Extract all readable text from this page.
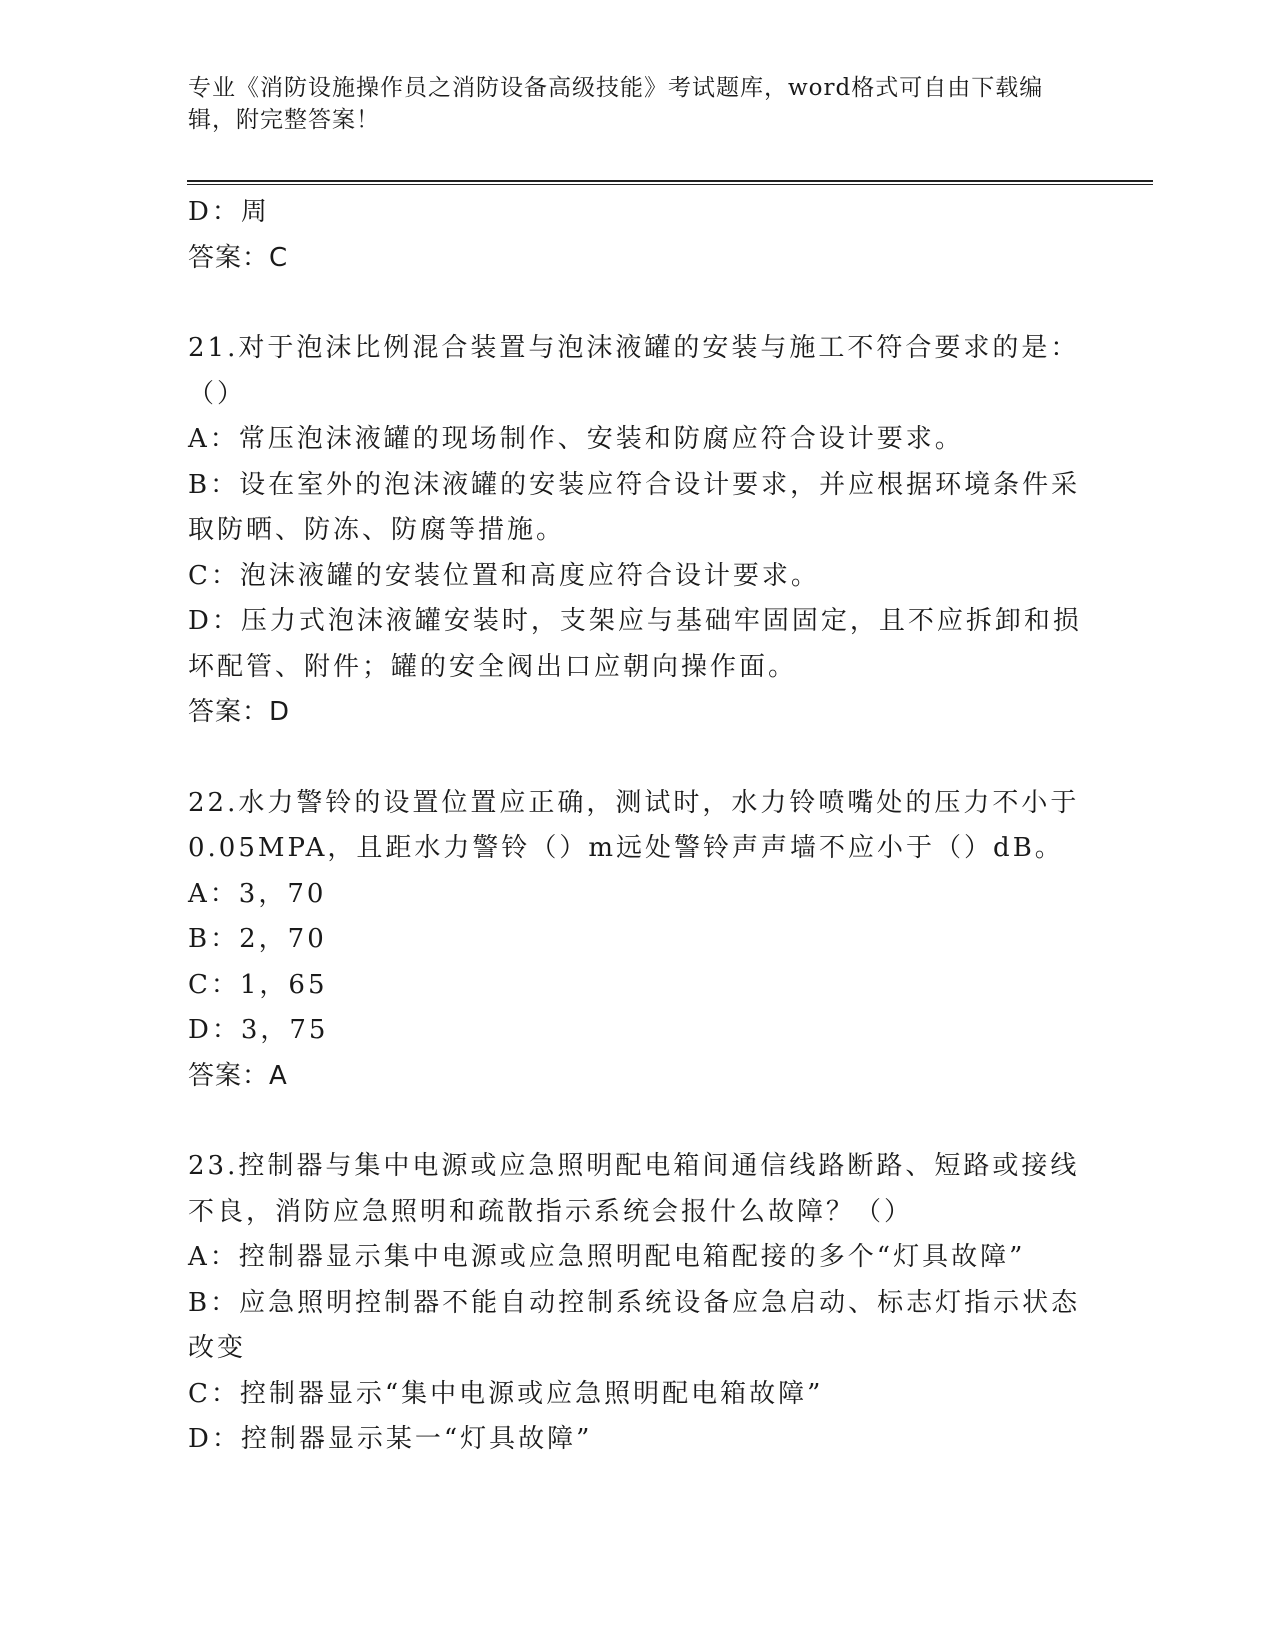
专业《消防设施操作员之消防设备高级技能》考试题库，word格式可自由下载编
辑，附完整答案！
D：周
答案：C
21.对于泡沫比例混合装置与泡沫液罐的安装与施工不符合要求的是：
（）
A：常压泡沫液罐的现场制作、安装和防腐应符合设计要求。
B：设在室外的泡沫液罐的安装应符合设计要求，并应根据环境条件采
取防晒、防冻、防腐等措施。
C：泡沫液罐的安装位置和高度应符合设计要求。
D：压力式泡沫液罐安装时，支架应与基础牢固固定，且不应拆卸和损
坏配管、附件；罐的安全阀出口应朝向操作面。
答案：D
22.水力警铃的设置位置应正确，测试时，水力铃喷嘴处的压力不小于
0.05MPA，且距水力警铃（）m远处警铃声声墙不应小于（）dB。
A：3，70
B：2，70
C：1，65
D：3，75
答案：A
23.控制器与集中电源或应急照明配电箱间通信线路断路、短路或接线
不良，消防应急照明和疏散指示系统会报什么故障？（）
A：控制器显示集中电源或应急照明配电箱配接的多个“灯具故障”
B：应急照明控制器不能自动控制系统设备应急启动、标志灯指示状态
改变
C：控制器显示“集中电源或应急照明配电箱故障”
D：控制器显示某一“灯具故障”
